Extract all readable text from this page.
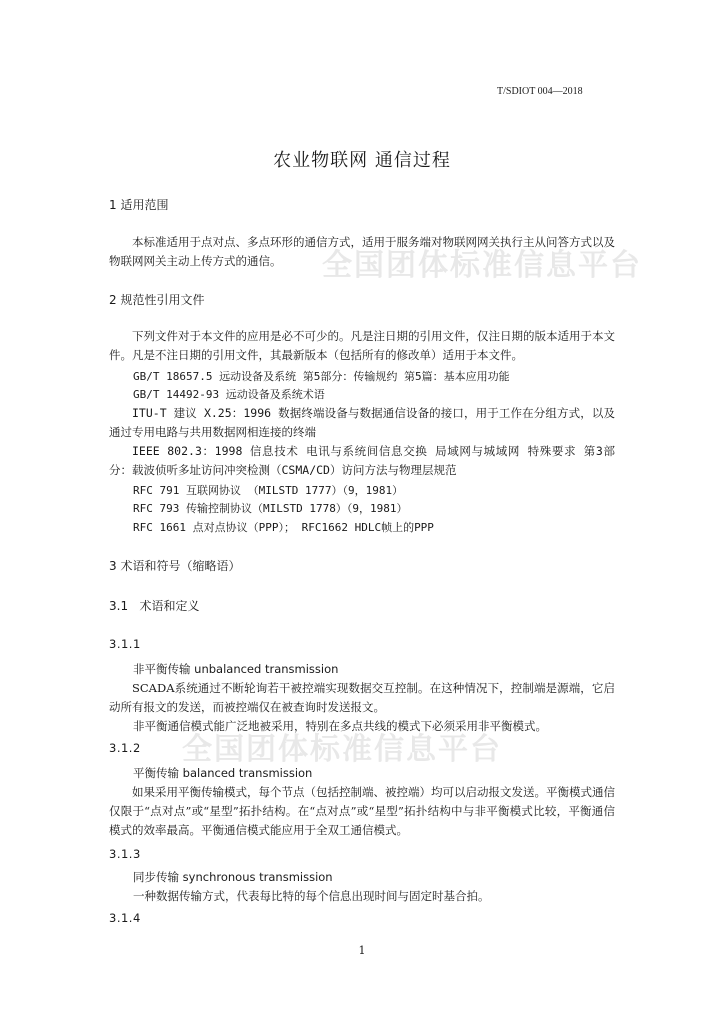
全国团体标准信息平台
全国团体标准信息平台
T/SDIOT 004—2018
农业物联网 通信过程
1 适用范围
本标准适用于点对点、多点环形的通信方式，适用于服务端对物联网网关执行主从问答方式以及物联网网关主动上传方式的通信。
2 规范性引用文件
下列文件对于本文件的应用是必不可少的。凡是注日期的引用文件，仅注日期的版本适用于本文件。凡是不注日期的引用文件，其最新版本（包括所有的修改单）适用于本文件。
GB/T 18657.5 远动设备及系统 第5部分：传输规约 第5篇：基本应用功能
GB/T 14492-93 远动设备及系统术语
ITU-T 建议 X.25：1996 数据终端设备与数据通信设备的接口，用于工作在分组方式，以及通过专用电路与共用数据网相连接的终端
IEEE 802.3：1998 信息技术 电讯与系统间信息交换 局域网与城域网 特殊要求 第3部分：载波侦听多址访问冲突检测（CSMA/CD）访问方法与物理层规范
RFC 791 互联网协议 （MILSTD 1777）（9，1981）
RFC 793 传输控制协议（MILSTD 1778）（9，1981）
RFC 1661 点对点协议（PPP）； RFC1662 HDLC帧上的PPP
3 术语和符号（缩略语）
3.1   术语和定义
3.1.1
非平衡传输 unbalanced transmission
SCADA系统通过不断轮询若干被控端实现数据交互控制。在这种情况下，控制端是源端，它启动所有报文的发送，而被控端仅在被查询时发送报文。
非平衡通信模式能广泛地被采用，特别在多点共线的模式下必须采用非平衡模式。
3.1.2
平衡传输 balanced transmission
如果采用平衡传输模式，每个节点（包括控制端、被控端）均可以启动报文发送。平衡模式通信仅限于“点对点”或“星型”拓扑结构。在“点对点”或“星型”拓扑结构中与非平衡模式比较，平衡通信模式的效率最高。平衡通信模式能应用于全双工通信模式。
3.1.3
同步传输 synchronous transmission
一种数据传输方式，代表每比特的每个信息出现时间与固定时基合拍。
3.1.4
1
